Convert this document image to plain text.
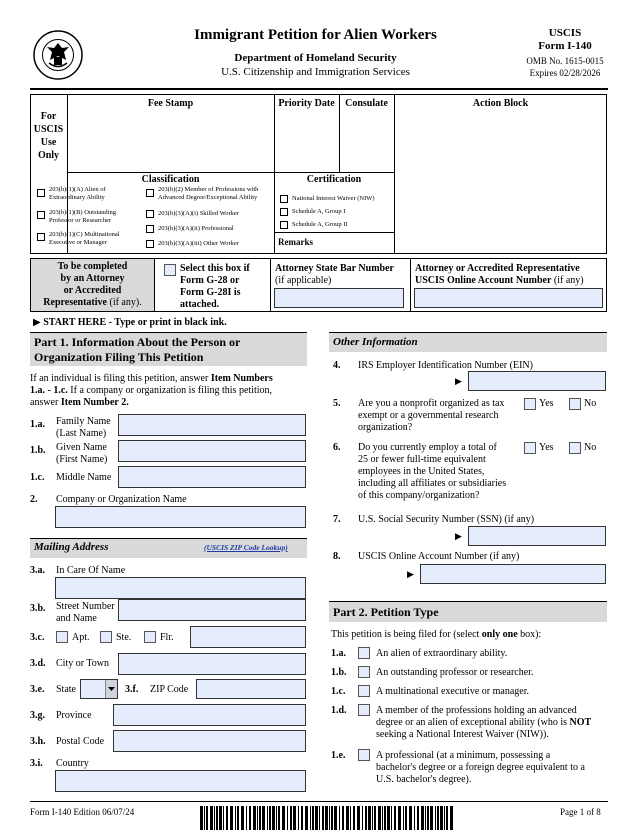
Immigrant Petition for Alien Workers
Department of Homeland Security
U.S. Citizenship and Immigration Services
USCIS
Form I-140
OMB No. 1615-0015
Expires 02/28/2026
For
USCIS
Use
Only
Fee Stamp	Priority Date	Consulate	Action Block
Classification
203(b)(1)(A) Alien of
Extraordinary Ability
203(b)(1)(B) Outstanding
Professor or Researcher
203(b)(1)(C) Multinational
Executive or Manager
203(b)(2) Member of Professions with
Advanced Degree/Exceptional Ability
203(b)(3)(A)(i) Skilled Worker
203(b)(3)(A)(ii) Professional
203(b)(3)(A)(iii) Other Worker
Certification
National Interest Waiver (NIW)
Schedule A, Group I
Schedule A, Group II
Remarks
To be completed
by an Attorney
or Accredited
Representative (if any).
Select this box if
Form G-28 or
Form G-28I is
attached.
Attorney State Bar Number
(if applicable)
Attorney or Accredited Representative
USCIS Online Account Number (if any)
▶ START HERE - Type or print in black ink.
Part 1. Information About the Person or
Organization Filing This Petition
If an individual is filing this petition, answer Item Numbers
1.a. - 1.c. If a company or organization is filing this petition,
answer Item Number 2.
1.a. Family Name
(Last Name)
1.b. Given Name
(First Name)
1.c. Middle Name
2. Company or Organization Name
Mailing Address	(USCIS ZIP Code Lookup)
3.a. In Care Of Name
3.b. Street Number
and Name
3.c.	Apt.	Ste.	Flr.
3.d. City or Town
3.e. State	3.f. ZIP Code
3.g. Province
3.h. Postal Code
3.i. Country
Other Information
4. IRS Employer Identification Number (EIN)
▶
5. Are you a nonprofit organized as tax
exempt or a governmental research
organization?
Yes	No
6. Do you currently employ a total of
25 or fewer full-time equivalent
employees in the United States,
including all affiliates or subsidiaries
of this company/organization?
Yes	No
7. U.S. Social Security Number (SSN) (if any)
▶
8. USCIS Online Account Number (if any)
▶
Part 2. Petition Type
This petition is being filed for (select only one box):
1.a.	An alien of extraordinary ability.
1.b.	An outstanding professor or researcher.
1.c.	A multinational executive or manager.
1.d.	A member of the professions holding an advanced
degree or an alien of exceptional ability (who is NOT
seeking a National Interest Waiver (NIW)).
1.e.	A professional (at a minimum, possessing a
bachelor's degree or a foreign degree equivalent to a
U.S. bachelor's degree).
Form I-140 Edition 06/07/24	Page 1 of 8
